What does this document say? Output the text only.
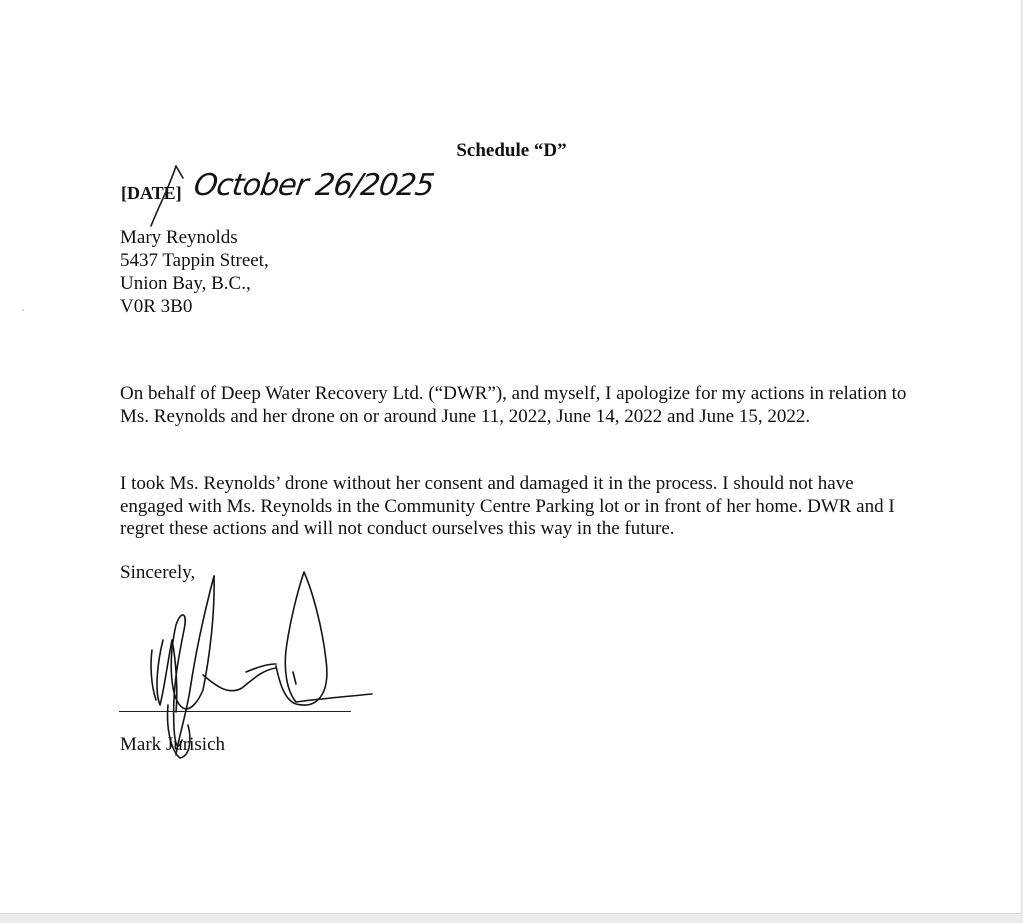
Schedule “D”
[DATE] October 26/2025
Mary Reynolds
5437 Tappin Street,
Union Bay, B.C.,
V0R 3B0
On behalf of Deep Water Recovery Ltd. (“DWR”), and myself, I apologize for my actions in relation to Ms. Reynolds and her drone on or around June 11, 2022, June 14, 2022 and June 15, 2022.
I took Ms. Reynolds’ drone without her consent and damaged it in the process. I should not have engaged with Ms. Reynolds in the Community Centre Parking lot or in front of her home. DWR and I regret these actions and will not conduct ourselves this way in the future.
Sincerely,
Mark Jurisich
